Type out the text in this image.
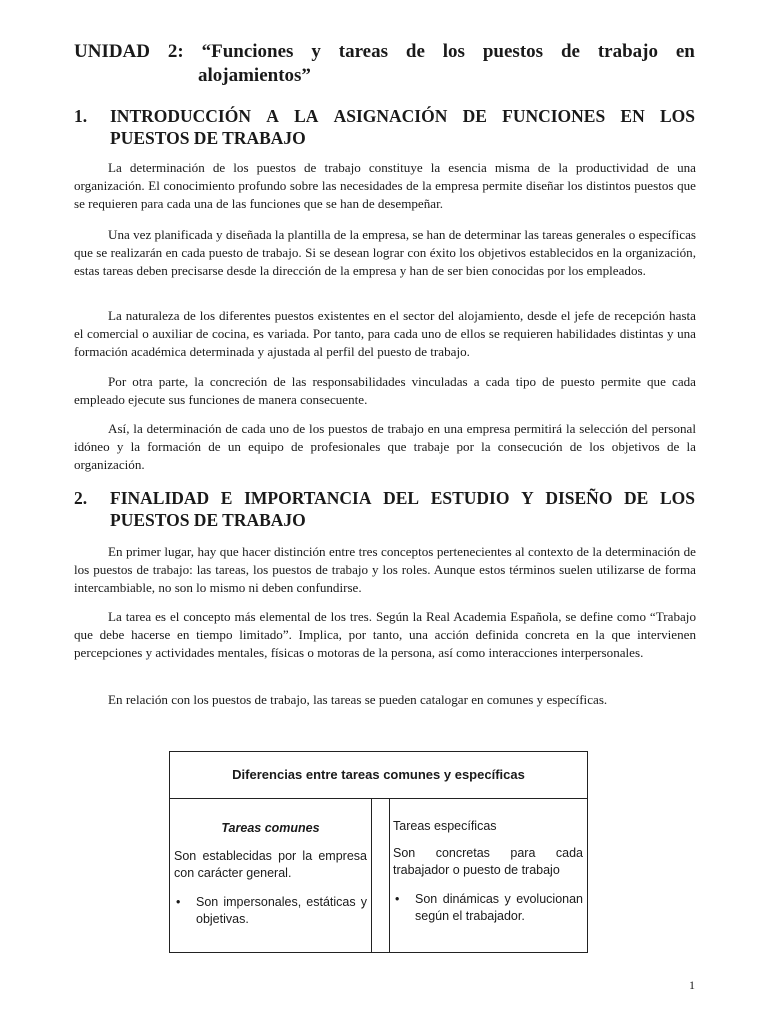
UNIDAD 2: “Funciones y tareas de los puestos de trabajo en
alojamientos”
1. INTRODUCCIÓN A LA ASIGNACIÓN DE FUNCIONES EN LOS
PUESTOS DE TRABAJO

La determinación de los puestos de trabajo constituye la esencia misma de la productividad de una organización. El conocimiento profundo sobre las necesidades de la empresa permite diseñar los distintos puestos que se requieren para cada una de las funciones que se han de desempeñar.

Una vez planificada y diseñada la plantilla de la empresa, se han de determinar las tareas generales o específicas que se realizarán en cada puesto de trabajo. Si se desean lograr con éxito los objetivos establecidos en la organización, estas tareas deben precisarse desde la dirección de la empresa y han de ser bien conocidas por los empleados.

La naturaleza de los diferentes puestos existentes en el sector del alojamiento, desde el jefe de recepción hasta el comercial o auxiliar de cocina, es variada. Por tanto, para cada uno de ellos se requieren habilidades distintas y una formación académica determinada y ajustada al perfil del puesto de trabajo.

Por otra parte, la concreción de las responsabilidades vinculadas a cada tipo de puesto permite que cada empleado ejecute sus funciones de manera consecuente.

Así, la determinación de cada uno de los puestos de trabajo en una empresa permitirá la selección del personal idóneo y la formación de un equipo de profesionales que trabaje por la consecución de los objetivos de la organización.

2. FINALIDAD E IMPORTANCIA DEL ESTUDIO Y DISEÑO DE LOS
PUESTOS DE TRABAJO

En primer lugar, hay que hacer distinción entre tres conceptos pertenecientes al contexto de la determinación de los puestos de trabajo: las tareas, los puestos de trabajo y los roles. Aunque estos términos suelen utilizarse de forma intercambiable, no son lo mismo ni deben confundirse.

La tarea es el concepto más elemental de los tres. Según la Real Academia Española, se define como “Trabajo que debe hacerse en tiempo limitado”. Implica, por tanto, una acción definida concreta en la que intervienen percepciones y actividades mentales, físicas o motoras de la persona, así como interacciones interpersonales.

En relación con los puestos de trabajo, las tareas se pueden catalogar en comunes y específicas.

Diferencias entre tareas comunes y específicas
Tareas comunes

Son establecidas por la empresa con carácter general.

• Son impersonales, estáticas y objetivas.
Tareas específicas

Son concretas para cada trabajador o puesto de trabajo

• Son dinámicas y evolucionan según el trabajador.
1
